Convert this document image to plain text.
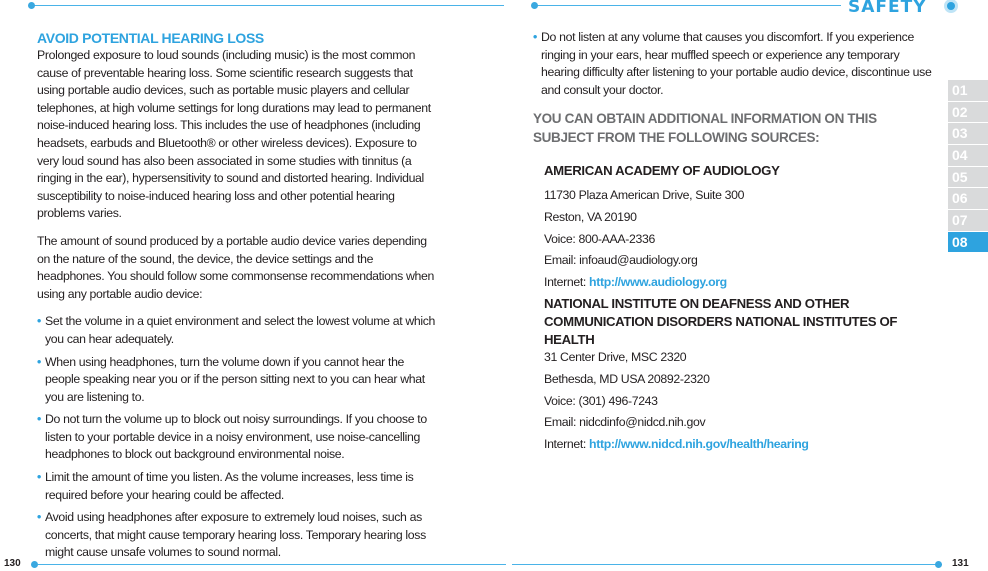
SAFETY
130	131

AVOID POTENTIAL HEARING LOSS

Prolonged exposure to loud sounds (including music) is the most common cause of preventable hearing loss. Some scientific research suggests that using portable audio devices, such as portable music players and cellular telephones, at high volume settings for long durations may lead to permanent noise-induced hearing loss. This includes the use of headphones (including headsets, earbuds and Bluetooth® or other wireless devices). Exposure to very loud sound has also been associated in some studies with tinnitus (a ringing in the ear), hypersensitivity to sound and distorted hearing. Individual susceptibility to noise-induced hearing loss and other potential hearing problems varies.

The amount of sound produced by a portable audio device varies depending on the nature of the sound, the device, the device settings and the headphones. You should follow some commonsense recommendations when using any portable audio device:

• Set the volume in a quiet environment and select the lowest volume at which you can hear adequately.

• When using headphones, turn the volume down if you cannot hear the people speaking near you or if the person sitting next to you can hear what you are listening to.

• Do not turn the volume up to block out noisy surroundings. If you choose to listen to your portable device in a noisy environment, use noise-cancelling headphones to block out background environmental noise.

• Limit the amount of time you listen. As the volume increases, less time is required before your hearing could be affected.

• Avoid using headphones after exposure to extremely loud noises, such as concerts, that might cause temporary hearing loss. Temporary hearing loss might cause unsafe volumes to sound normal.

• Do not listen at any volume that causes you discomfort. If you experience ringing in your ears, hear muffled speech or experience any temporary hearing difficulty after listening to your portable audio device, discontinue use and consult your doctor.

YOU CAN OBTAIN ADDITIONAL INFORMATION ON THIS SUBJECT FROM THE FOLLOWING SOURCES:

AMERICAN ACADEMY OF AUDIOLOGY

11730 Plaza American Drive, Suite 300

Reston, VA 20190

Voice: 800-AAA-2336

Email: infoaud@audiology.org

Internet: http://www.audiology.org

NATIONAL INSTITUTE ON DEAFNESS AND OTHER COMMUNICATION DISORDERS NATIONAL INSTITUTES OF HEALTH

31 Center Drive, MSC 2320

Bethesda, MD USA 20892-2320

Voice: (301) 496-7243

Email: nidcdinfo@nidcd.nih.gov

Internet: http://www.nidcd.nih.gov/health/hearing

01
02
03
04
05
06
07
08
